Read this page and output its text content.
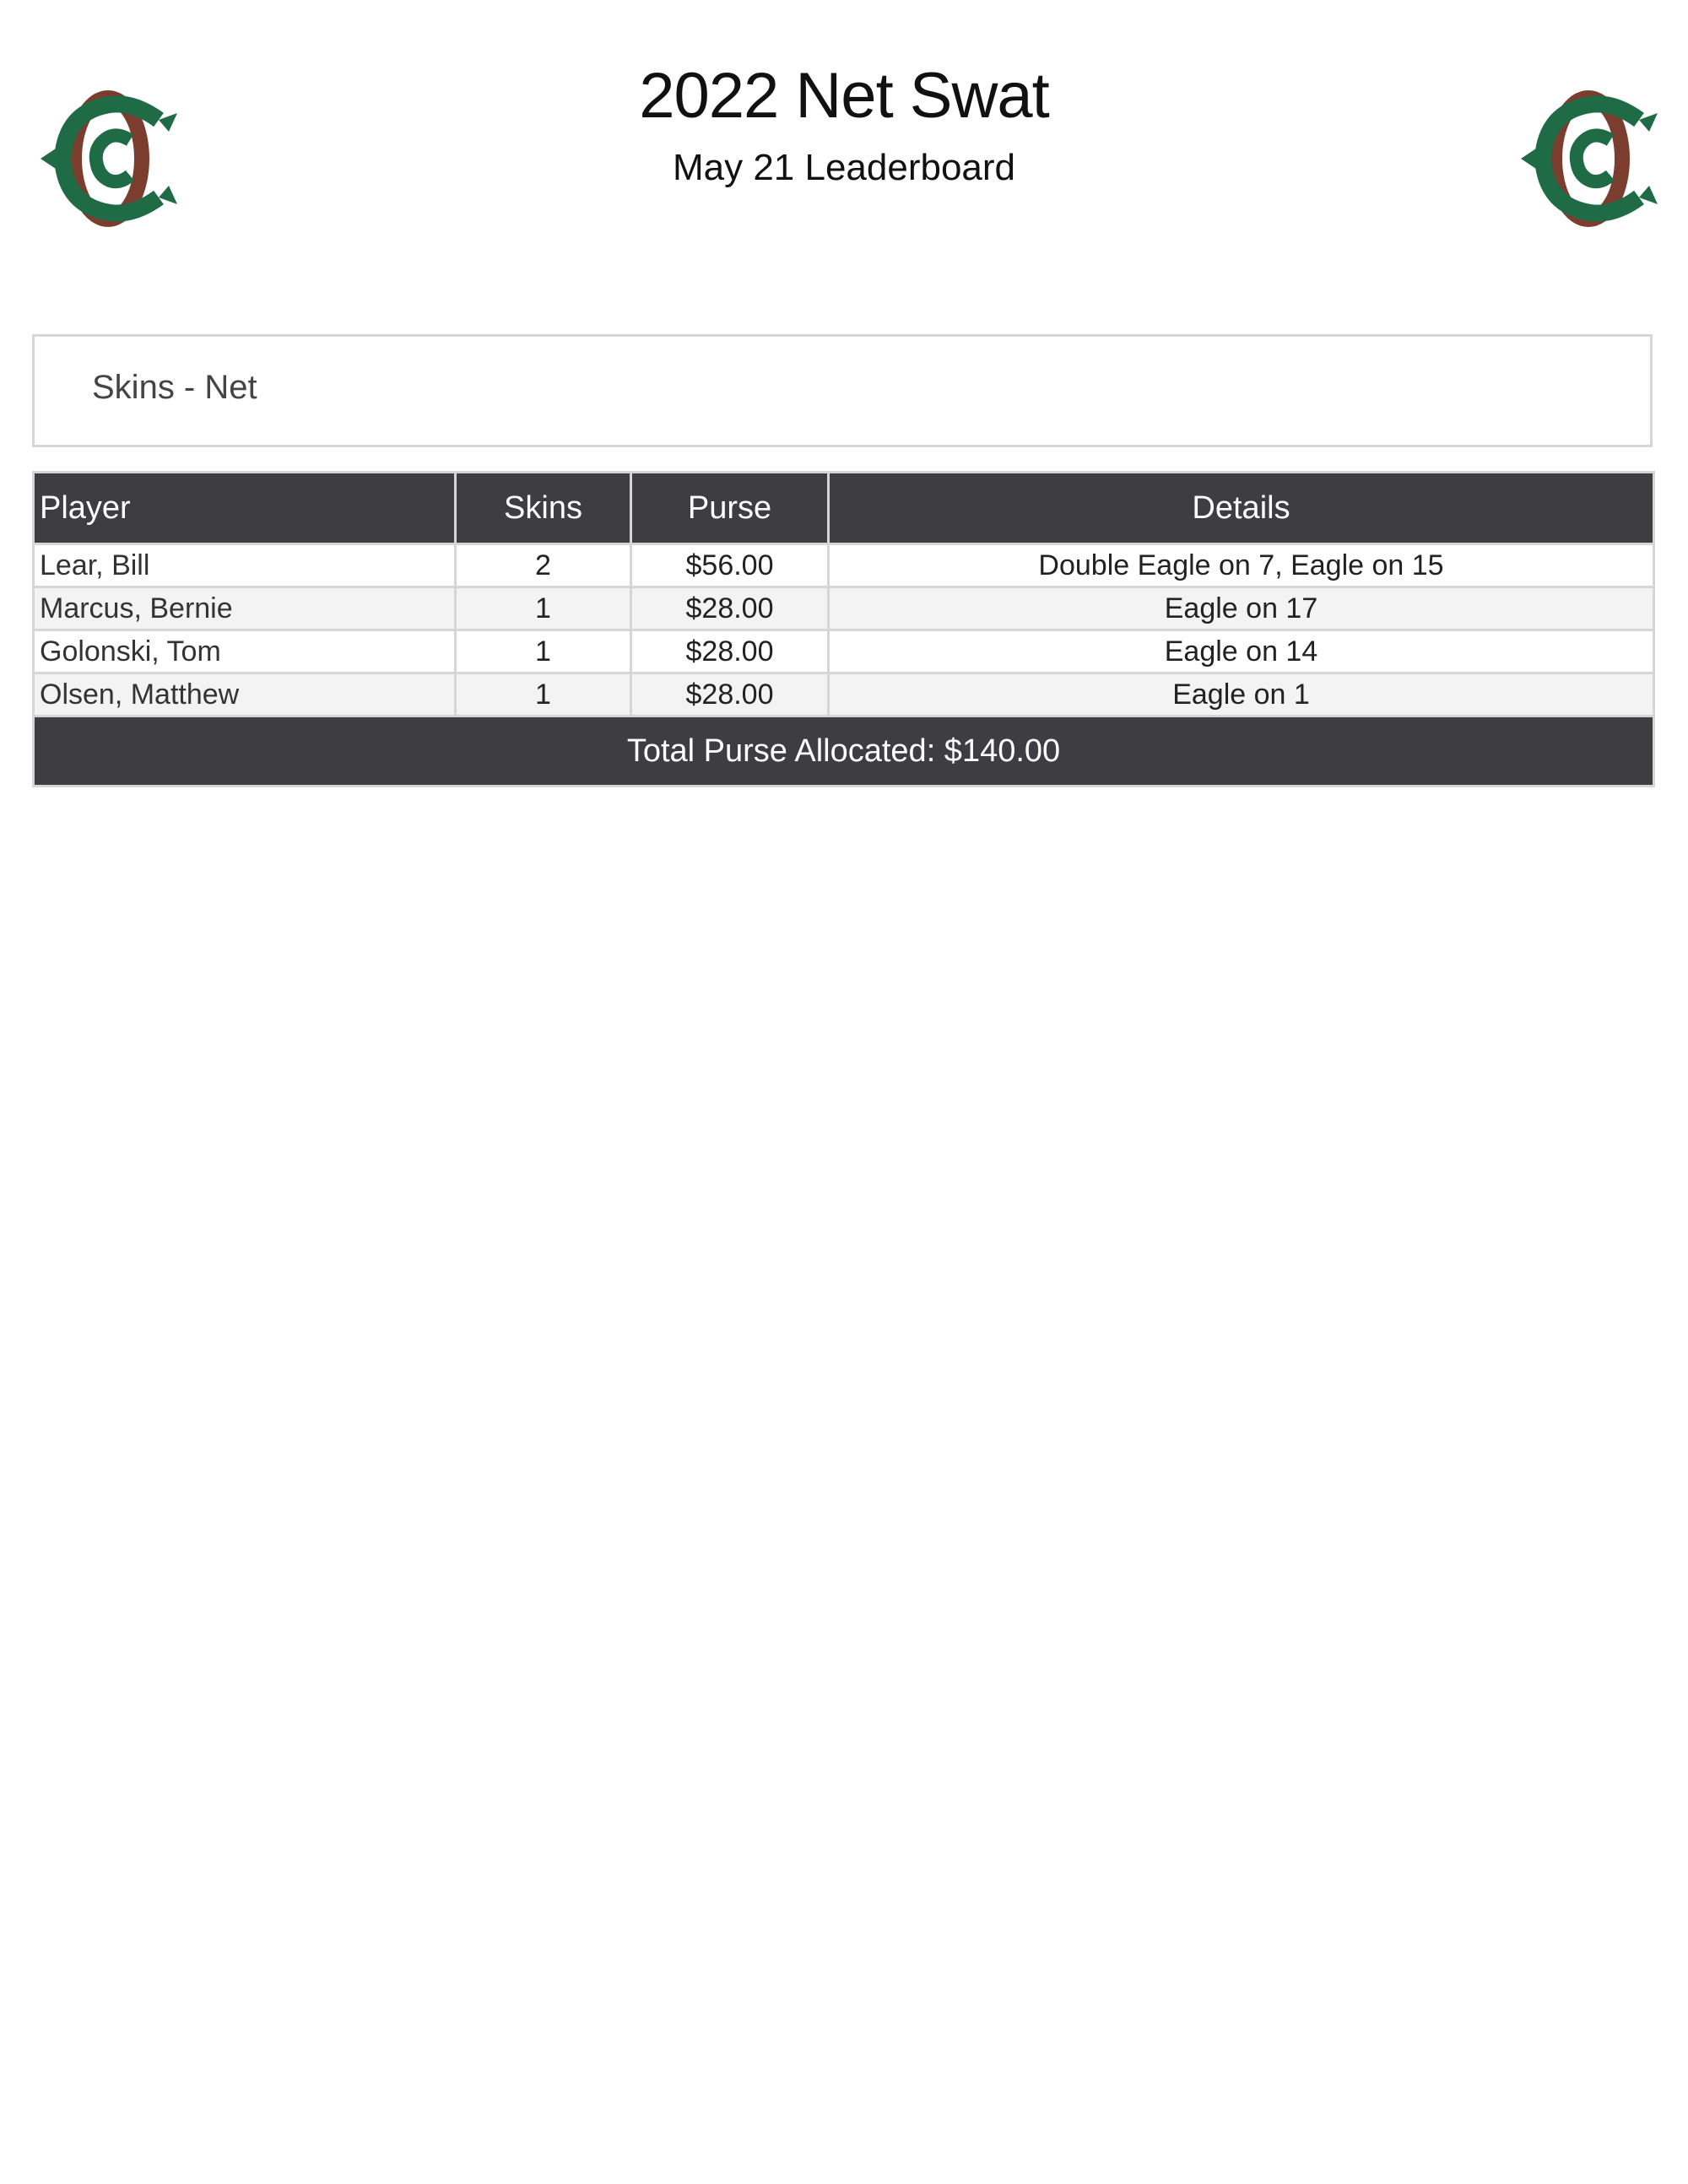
2022 Net Swat
May 21 Leaderboard
Skins - Net
Player	Skins	Purse	Details
Lear, Bill	2	$56.00	Double Eagle on 7, Eagle on 15
Marcus, Bernie	1	$28.00	Eagle on 17
Golonski, Tom	1	$28.00	Eagle on 14
Olsen, Matthew	1	$28.00	Eagle on 1
Total Purse Allocated: $140.00			
